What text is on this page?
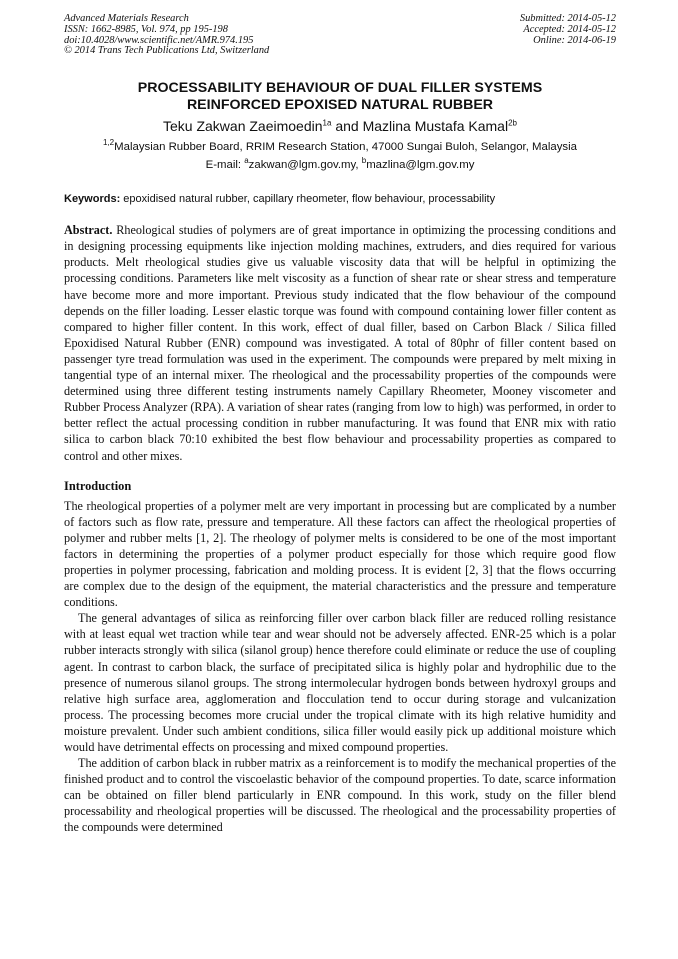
Advanced Materials Research
ISSN: 1662-8985, Vol. 974, pp 195-198
doi:10.4028/www.scientific.net/AMR.974.195
© 2014 Trans Tech Publications Ltd, Switzerland
Submitted: 2014-05-12
Accepted: 2014-05-12
Online: 2014-06-19
PROCESSABILITY BEHAVIOUR OF DUAL FILLER SYSTEMS
REINFORCED EPOXISED NATURAL RUBBER
Teku Zakwan Zaeimoedin$^{1a}$ and Mazlina Mustafa Kamal$^{2b}$
$^{1,2}$Malaysian Rubber Board, RRIM Research Station, 47000 Sungai Buloh, Selangor, Malaysia
E-mail: $^a$zakwan@lgm.gov.my, $^b$mazlina@lgm.gov.my
Keywords: epoxidised natural rubber, capillary rheometer, flow behaviour, processability
Abstract. Rheological studies of polymers are of great importance in optimizing the processing conditions and in designing processing equipments like injection molding machines, extruders, and dies required for various products. Melt rheological studies give us valuable viscosity data that will be helpful in optimizing the processing conditions. Parameters like melt viscosity as a function of shear rate or shear stress and temperature have become more and more important. Previous study indicated that the flow behaviour of the compound depends on the filler loading. Lesser elastic torque was found with compound containing lower filler content as compared to higher filler content. In this work, effect of dual filler, based on Carbon Black / Silica filled Epoxidised Natural Rubber (ENR) compound was investigated. A total of 80phr of filler content based on passenger tyre tread formulation was used in the experiment. The compounds were prepared by melt mixing in tangential type of an internal mixer. The rheological and the processability properties of the compounds were determined using three different testing instruments namely Capillary Rheometer, Mooney viscometer and Rubber Process Analyzer (RPA). A variation of shear rates (ranging from low to high) was performed, in order to better reflect the actual processing condition in rubber manufacturing. It was found that ENR mix with ratio silica to carbon black 70:10 exhibited the best flow behaviour and processability properties as compared to control and other mixes.
Introduction

The rheological properties of a polymer melt are very important in processing but are complicated by a number of factors such as flow rate, pressure and temperature. All these factors can affect the rheological properties of polymer and rubber melts [1, 2]. The rheology of polymer melts is considered to be one of the most important factors in determining the properties of a polymer product especially for those which require good flow properties in polymer processing, fabrication and molding process. It is evident [2, 3] that the flows occurring are complex due to the design of the equipment, the material characteristics and the pressure and temperature conditions.

The general advantages of silica as reinforcing filler over carbon black filler are reduced rolling resistance with at least equal wet traction while tear and wear should not be adversely affected. ENR-25 which is a polar rubber interacts strongly with silica (silanol group) hence therefore could eliminate or reduce the use of coupling agent. In contrast to carbon black, the surface of precipitated silica is highly polar and hydrophilic due to the presence of numerous silanol groups. The strong intermolecular hydrogen bonds between hydroxyl groups and relative high surface area, agglomeration and flocculation tend to occur during storage and vulcanization process. The processing becomes more crucial under the tropical climate with its high relative humidity and moisture prevalent. Under such ambient conditions, silica filler would easily pick up additional moisture which would have detrimental effects on processing and mixed compound properties.

The addition of carbon black in rubber matrix as a reinforcement is to modify the mechanical properties of the finished product and to control the viscoelastic behavior of the compound properties. To date, scarce information can be obtained on filler blend particularly in ENR compound. In this work, study on the filler blend processability and rheological properties will be discussed. The rheological and the processability properties of the compounds were determined
